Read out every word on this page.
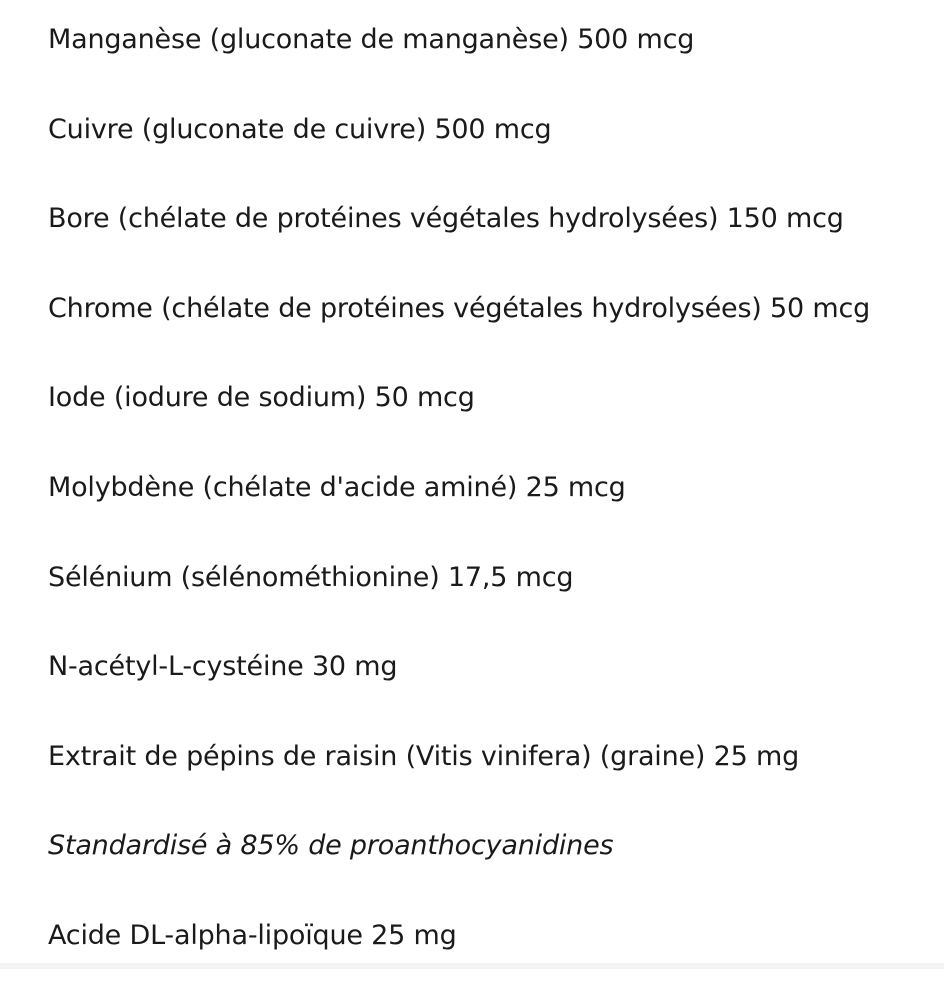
Manganèse (gluconate de manganèse) 500 mcg
Cuivre (gluconate de cuivre) 500 mcg
Bore (chélate de protéines végétales hydrolysées) 150 mcg
Chrome (chélate de protéines végétales hydrolysées) 50 mcg
Iode (iodure de sodium) 50 mcg
Molybdène (chélate d'acide aminé) 25 mcg
Sélénium (sélénométhionine) 17,5 mcg
N-acétyl-L-cystéine 30 mg
Extrait de pépins de raisin (Vitis vinifera) (graine) 25 mg
Standardisé à 85% de proanthocyanidines
Acide DL-alpha-lipoïque 25 mg
